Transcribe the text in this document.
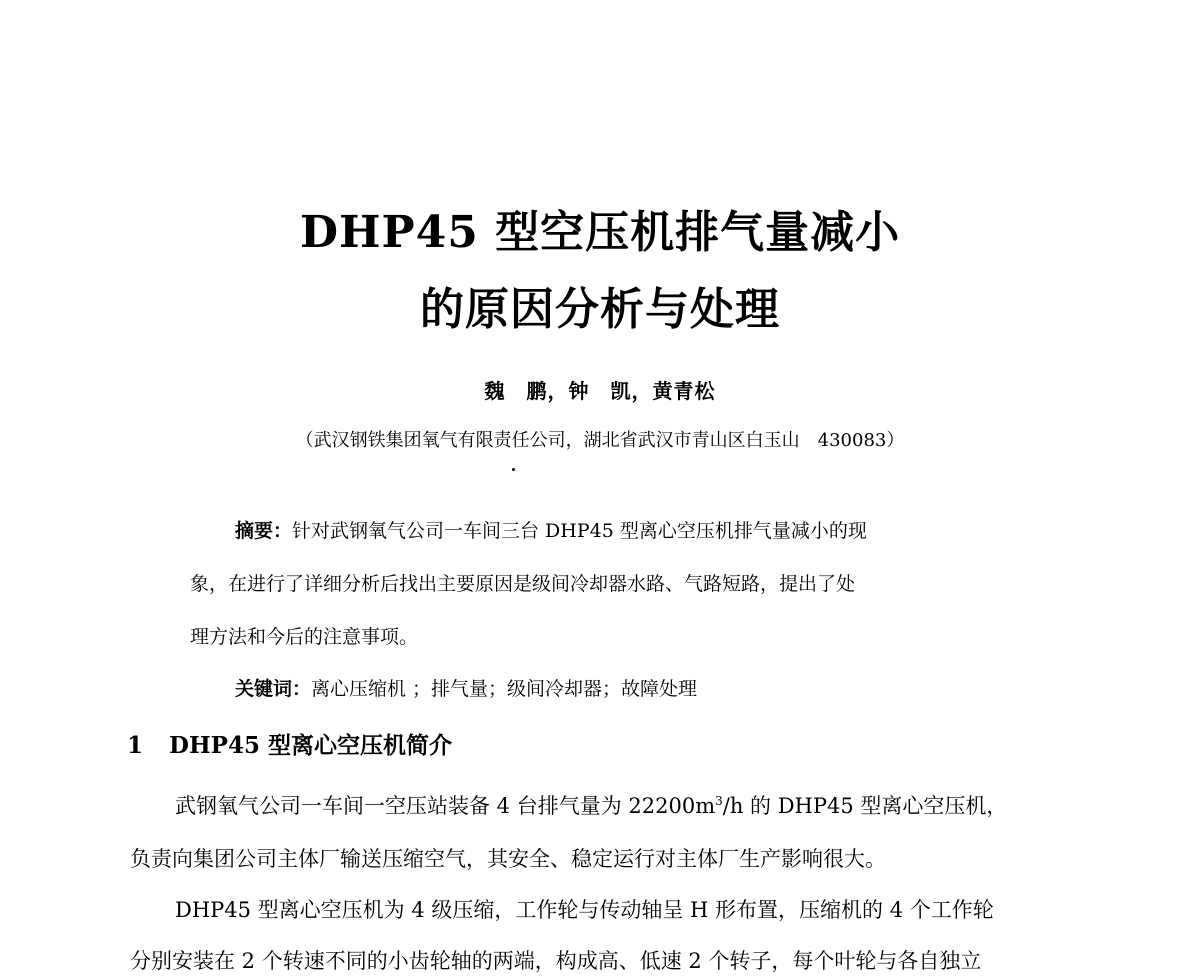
DHP45 型空压机排气量减小
的原因分析与处理
魏　鹏，钟　凯，黄青松
（武汉钢铁集团氧气有限责任公司，湖北省武汉市青山区白玉山　430083）
摘要：针对武钢氧气公司一车间三台 DHP45 型离心空压机排气量减小的现
象，在进行了详细分析后找出主要原因是级间冷却器水路、气路短路，提出了处
理方法和今后的注意事项。
关键词：离心压缩机 ；排气量；级间冷却器；故障处理
1 DHP45 型离心空压机简介
武钢氧气公司一车间一空压站装备 4 台排气量为 $22200m^3/h$ 的 DHP45 型离心空压机，
负责向集团公司主体厂输送压缩空气，其安全、稳定运行对主体厂生产影响很大。
DHP45 型离心空压机为 4 级压缩，工作轮与传动轴呈 H 形布置，压缩机的 4 个工作轮
分别安装在 2 个转速不同的小齿轮轴的两端，构成高、低速 2 个转子，每个叶轮与各自独立
